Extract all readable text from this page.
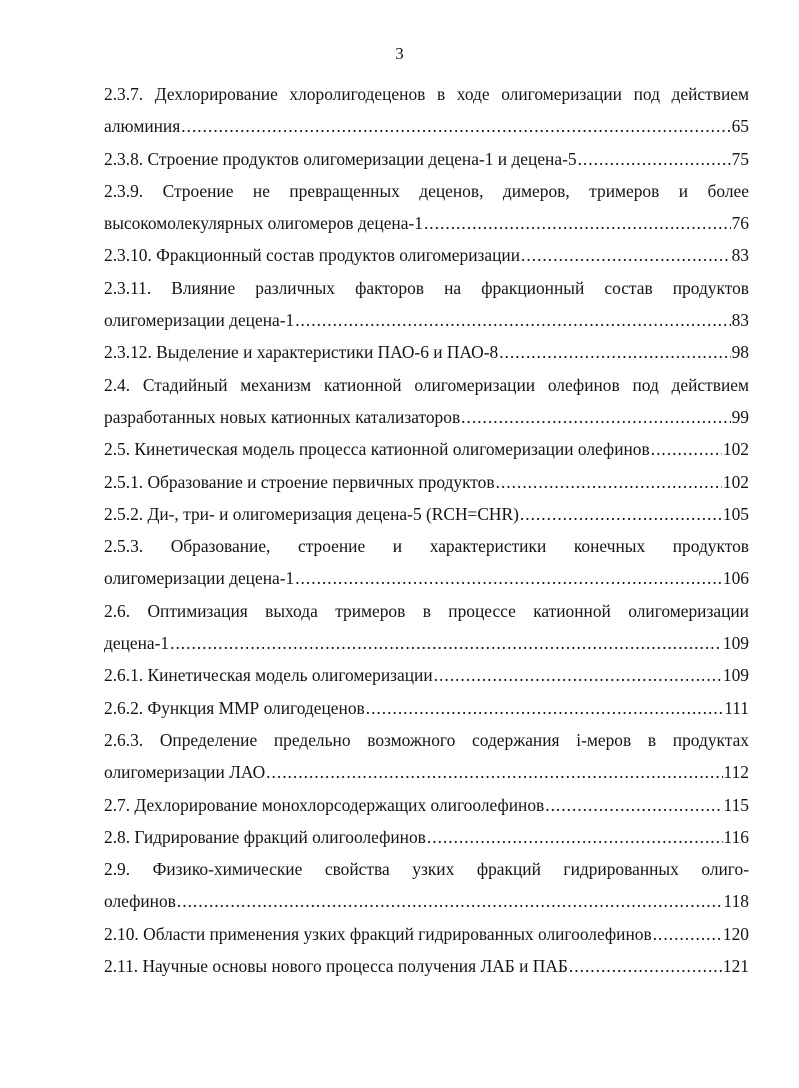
3
2.3.7. Дехлорирование хлоролигодеценов в ходе олигомеризации под действием
алюминия .....	65
2.3.8. Строение продуктов олигомеризации децена-1 и децена-5 .....	75
2.3.9. Строение не превращенных деценов, димеров, тримеров и более
высокомолекулярных олигомеров децена-1 .....	76
2.3.10. Фракционный состав продуктов олигомеризации .....	83
2.3.11. Влияние различных факторов на фракционный состав продуктов
олигомеризации децена-1 .....	83
2.3.12. Выделение и характеристики ПАО-6 и ПАО-8 .....	98
2.4. Стадийный механизм катионной олигомеризации олефинов под действием
разработанных новых катионных катализаторов .....	99
2.5. Кинетическая модель процесса катионной олигомеризации олефинов .....	102
2.5.1. Образование и строение первичных продуктов .....	102
2.5.2. Ди-, три- и олигомеризация децена-5 (RCH=CHR) .....	105
2.5.3. Образование, строение и характеристики конечных продуктов
олигомеризации децена-1 .....	106
2.6. Оптимизация выхода тримеров в процессе катионной олигомеризации
децена-1 .....	109
2.6.1. Кинетическая модель олигомеризации .....	109
2.6.2. Функция ММР олигодеценов .....	111
2.6.3. Определение предельно возможного содержания i-меров в продуктах
олигомеризации ЛАО .....	112
2.7. Дехлорирование монохлорсодержащих олигоолефинов .....	115
2.8. Гидрирование фракций олигоолефинов .....	116
2.9. Физико-химические свойства узких фракций гидрированных олиго-
олефинов .....	118
2.10. Области применения узких фракций гидрированных олигоолефинов .....	120
2.11. Научные основы нового процесса получения ЛАБ и ПАБ .....	121
